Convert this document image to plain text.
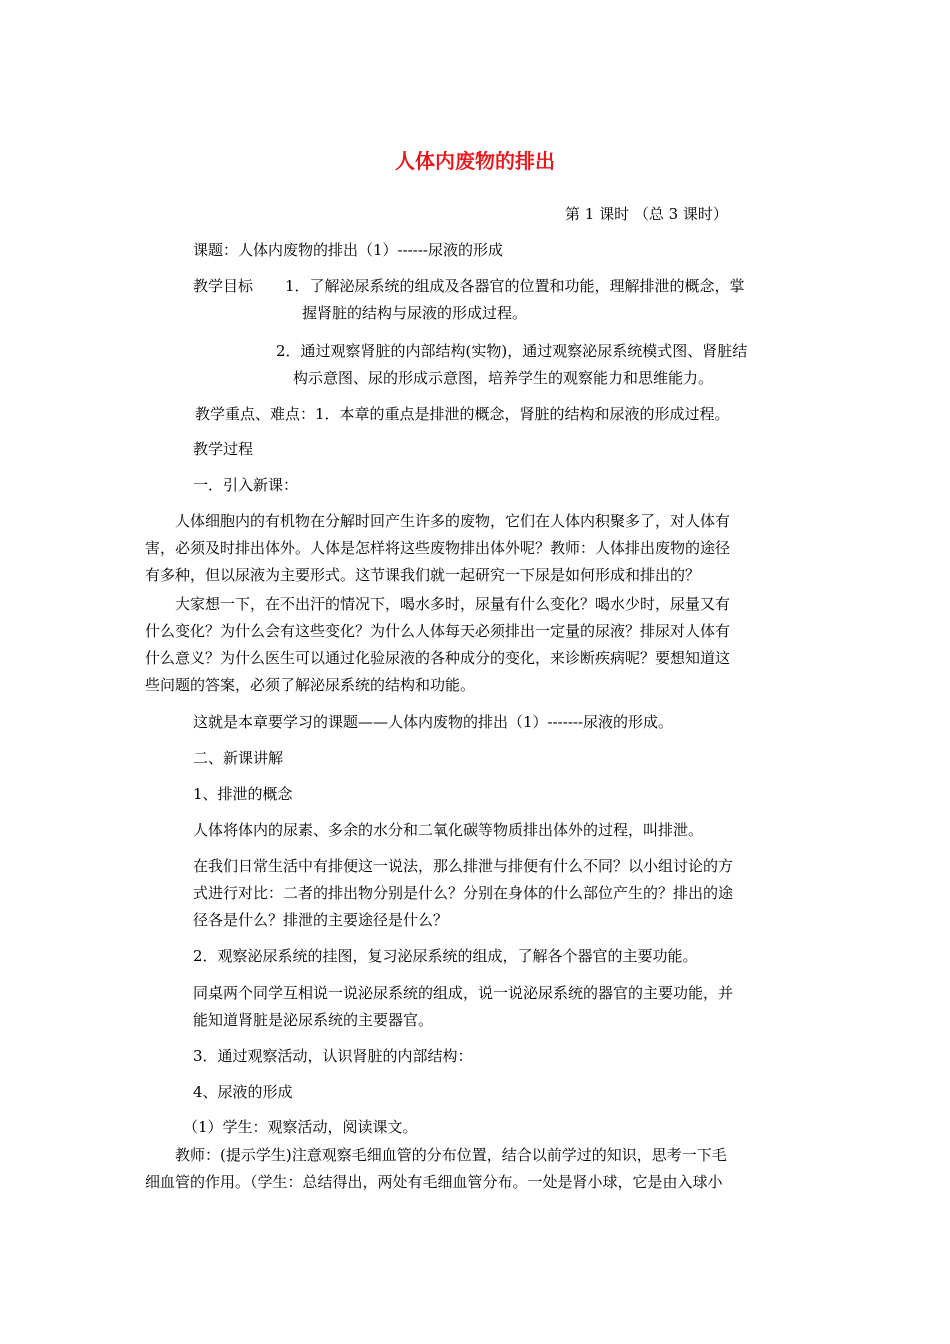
人体内废物的排出
第 1 课时 （总 3 课时）
课题：人体内废物的排出（1）------尿液的形成
教学目标 1．了解泌尿系统的组成及各器官的位置和功能，理解排泄的概念，掌
握肾脏的结构与尿液的形成过程。
2．通过观察肾脏的内部结构(实物)，通过观察泌尿系统模式图、肾脏结
构示意图、尿的形成示意图，培养学生的观察能力和思维能力。
教学重点、难点：1．本章的重点是排泄的概念，肾脏的结构和尿液的形成过程。
教学过程
一．引入新课：
人体细胞内的有机物在分解时回产生许多的废物，它们在人体内积聚多了，对人体有
害，必须及时排出体外。人体是怎样将这些废物排出体外呢？教师：人体排出废物的途径
有多种，但以尿液为主要形式。这节课我们就一起研究一下尿是如何形成和排出的？
大家想一下，在不出汗的情况下，喝水多时，尿量有什么变化？喝水少时，尿量又有
什么变化？为什么会有这些变化？为什么人体每天必须排出一定量的尿液？排尿对人体有
什么意义？为什么医生可以通过化验尿液的各种成分的变化，来诊断疾病呢？要想知道这
些问题的答案，必须了解泌尿系统的结构和功能。
这就是本章要学习的课题——人体内废物的排出（1）-------尿液的形成。
二、新课讲解
1、排泄的概念
人体将体内的尿素、多余的水分和二氧化碳等物质排出体外的过程，叫排泄。
在我们日常生活中有排便这一说法，那么排泄与排便有什么不同？以小组讨论的方
式进行对比：二者的排出物分别是什么？分别在身体的什么部位产生的？排出的途
径各是什么？排泄的主要途径是什么？
2．观察泌尿系统的挂图，复习泌尿系统的组成，了解各个器官的主要功能。
同桌两个同学互相说一说泌尿系统的组成，说一说泌尿系统的器官的主要功能，并
能知道肾脏是泌尿系统的主要器官。
3．通过观察活动，认识肾脏的内部结构：
4、尿液的形成
（1）学生：观察活动，阅读课文。
教师：(提示学生)注意观察毛细血管的分布位置，结合以前学过的知识，思考一下毛
细血管的作用。（学生：总结得出，两处有毛细血管分布。一处是肾小球，它是由入球小
